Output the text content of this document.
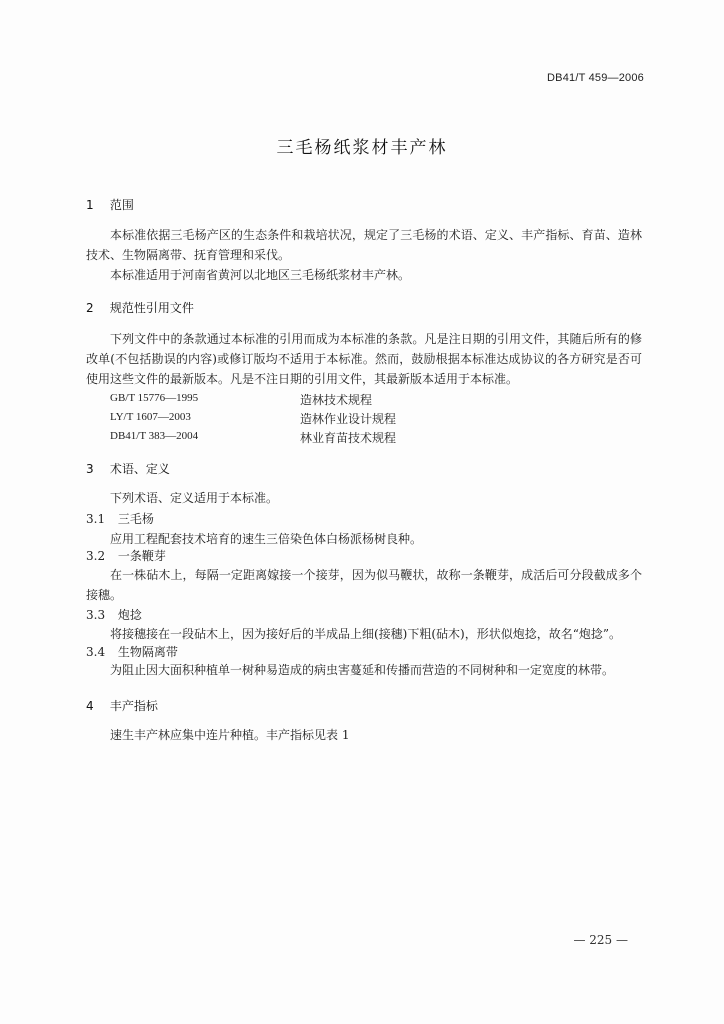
DB41/T 459—2006
三毛杨纸浆材丰产林
1 范围
本标准依据三毛杨产区的生态条件和栽培状况，规定了三毛杨的术语、定义、丰产指标、育苗、造林技术、生物隔离带、抚育管理和采伐。
本标准适用于河南省黄河以北地区三毛杨纸浆材丰产林。
2 规范性引用文件
下列文件中的条款通过本标准的引用而成为本标准的条款。凡是注日期的引用文件，其随后所有的修改单(不包括勘误的内容)或修订版均不适用于本标准。然而，鼓励根据本标准达成协议的各方研究是否可使用这些文件的最新版本。凡是不注日期的引用文件，其最新版本适用于本标准。
GB/T 15776—1995	造林技术规程
LY/T 1607—2003	造林作业设计规程
DB41/T 383—2004	林业育苗技术规程
3 术语、定义
下列术语、定义适用于本标准。
3.1 三毛杨
应用工程配套技术培育的速生三倍染色体白杨派杨树良种。
3.2 一条鞭芽
在一株砧木上，每隔一定距离嫁接一个接芽，因为似马鞭状，故称一条鞭芽，成活后可分段截成多个接穗。
3.3 炮捻
将接穗接在一段砧木上，因为接好后的半成品上细(接穗)下粗(砧木)，形状似炮捻，故名“炮捻”。
3.4 生物隔离带
为阻止因大面积种植单一树种易造成的病虫害蔓延和传播而营造的不同树种和一定宽度的林带。
4 丰产指标
速生丰产林应集中连片种植。丰产指标见表 1
— 225 —
